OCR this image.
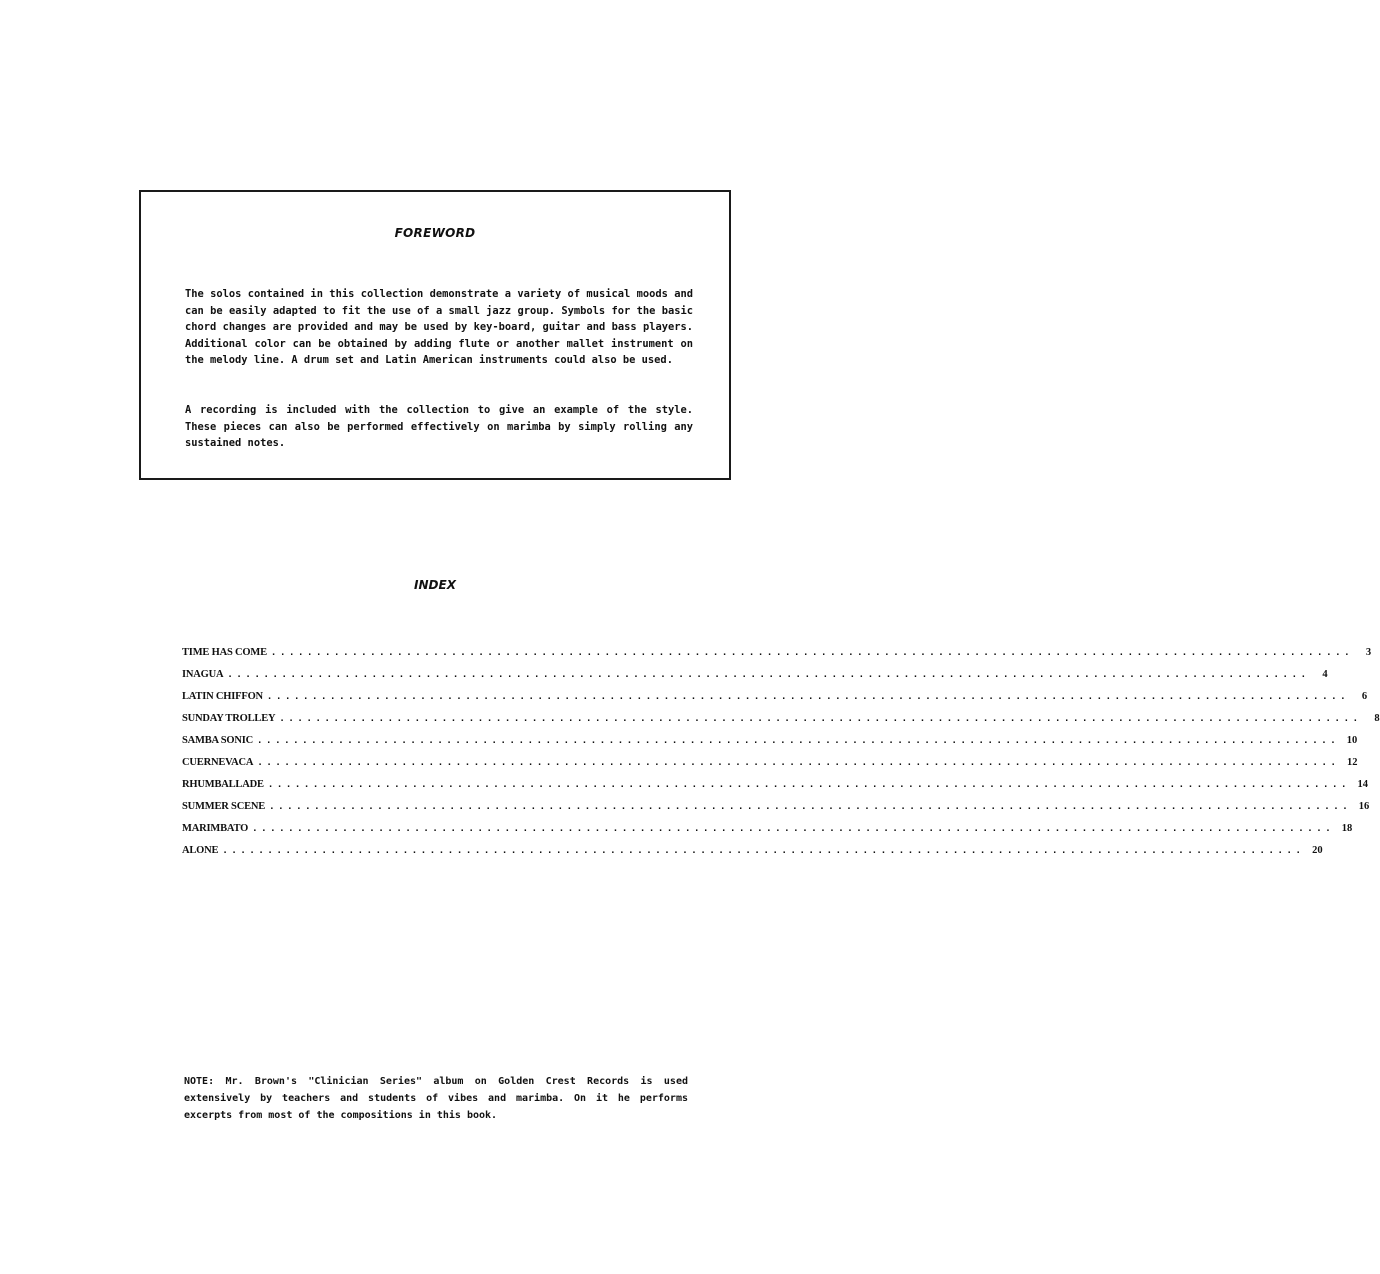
FOREWORD

The solos contained in this collection demonstrate a variety of musical moods and can be easily adapted to fit the use of a small jazz group. Symbols for the basic chord changes are provided and may be used by key-board, guitar and bass players. Additional color can be obtained by adding flute or another mallet instrument on the melody line. A drum set and Latin American instruments could also be used.

A recording is included with the collection to give an example of the style. These pieces can also be performed effectively on marimba by simply rolling any sustained notes.

INDEX
TIME HAS COME ........................................................................................................................	3
INAGUA ........................................................................................................................	4
LATIN CHIFFON ........................................................................................................................	6
SUNDAY TROLLEY ........................................................................................................................	8
SAMBA SONIC ........................................................................................................................ 10
CUERNEVACA ........................................................................................................................ 12
RHUMBALLADE ........................................................................................................................ 14
SUMMER SCENE ........................................................................................................................ 16
MARIMBATO ........................................................................................................................ 18
ALONE ........................................................................................................................ 20

NOTE: Mr. Brown's "Clinician Series" album on Golden Crest Records is used extensively by teachers and students of vibes and marimba. On it he performs excerpts from most of the compositions in this book.
